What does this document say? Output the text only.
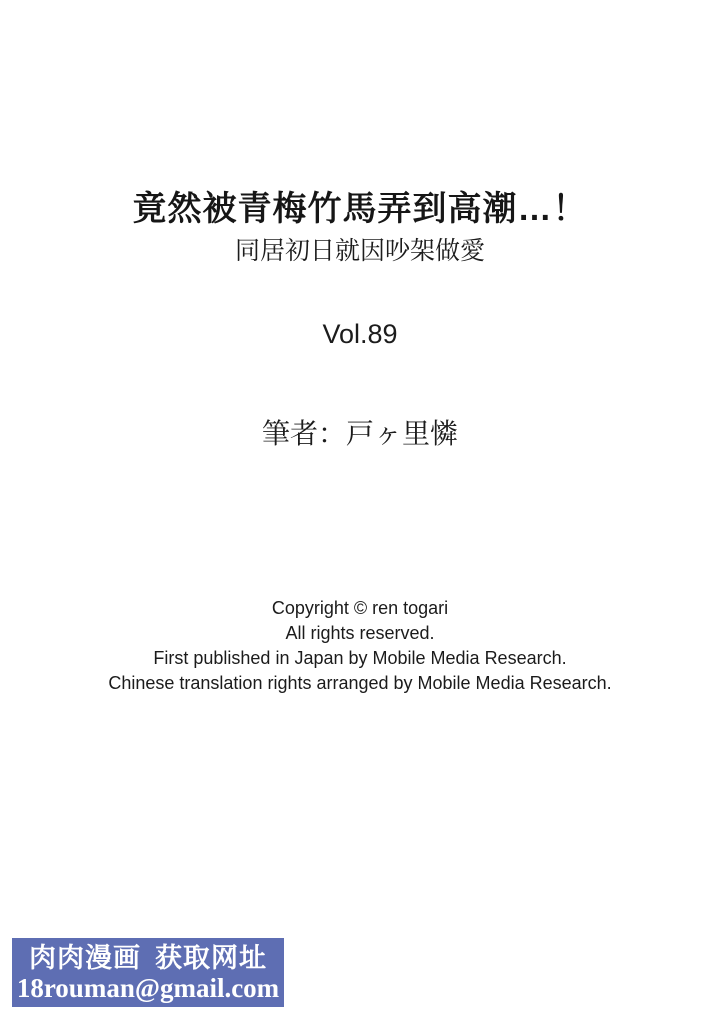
竟然被青梅竹馬弄到高潮…！
同居初日就因吵架做愛
Vol.89
筆者：戸ヶ里憐
Copyright © ren togari
All rights reserved.
First published in Japan by Mobile Media Research.
Chinese translation rights arranged by Mobile Media Research.
肉肉漫画 获取网址
18rouman@gmail.com
